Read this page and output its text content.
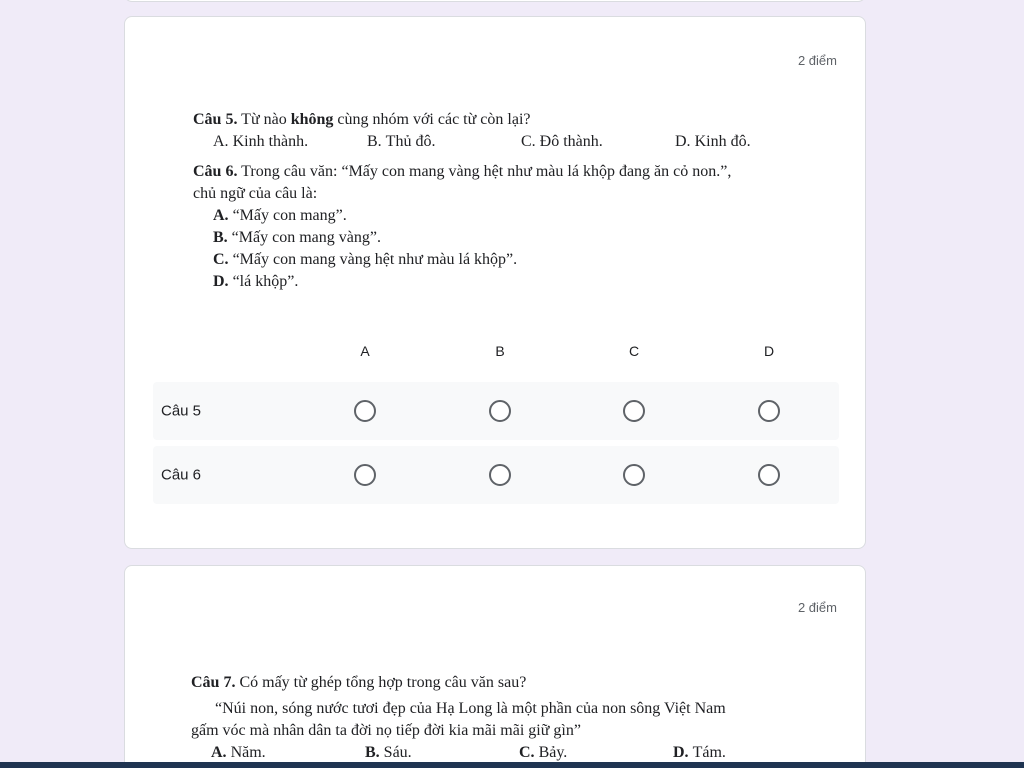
2 điểm
Câu 5. Từ nào không cùng nhóm với các từ còn lại?
A. Kinh thành.	B. Thủ đô.	C. Đô thành.	D. Kinh đô.
Câu 6. Trong câu văn: “Mấy con mang vàng hệt như màu lá khộp đang ăn cỏ non.”,
chủ ngữ của câu là:
A. “Mấy con mang”.
B. “Mấy con mang vàng”.
C. “Mấy con mang vàng hệt như màu lá khộp”.
D. “lá khộp”.
A	B	C	D
Câu 5
Câu 6
2 điểm
Câu 7. Có mấy từ ghép tổng hợp trong câu văn sau?
“Núi non, sóng nước tươi đẹp của Hạ Long là một phần của non sông Việt Nam
gấm vóc mà nhân dân ta đời nọ tiếp đời kia mãi mãi giữ gìn”
A. Năm.	B. Sáu.	C. Bảy.	D. Tám.
